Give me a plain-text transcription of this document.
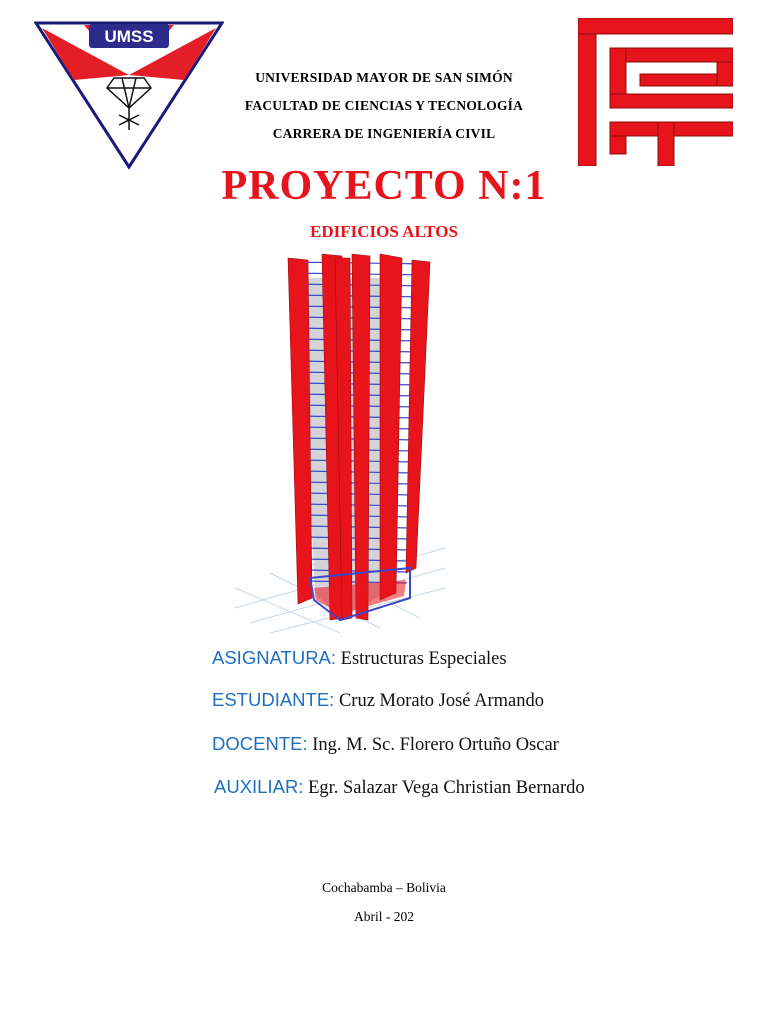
UMSS
UNIVERSIDAD MAYOR DE SAN SIMÓN
FACULTAD DE CIENCIAS Y TECNOLOGÍA
CARRERA DE INGENIERÍA CIVIL
PROYECTO N:1
EDIFICIOS ALTOS
ASIGNATURA: Estructuras Especiales
ESTUDIANTE: Cruz Morato José Armando
DOCENTE: Ing. M. Sc. Florero Ortuño Oscar
AUXILIAR: Egr. Salazar Vega Christian Bernardo
Cochabamba – Bolivia
Abril - 202
